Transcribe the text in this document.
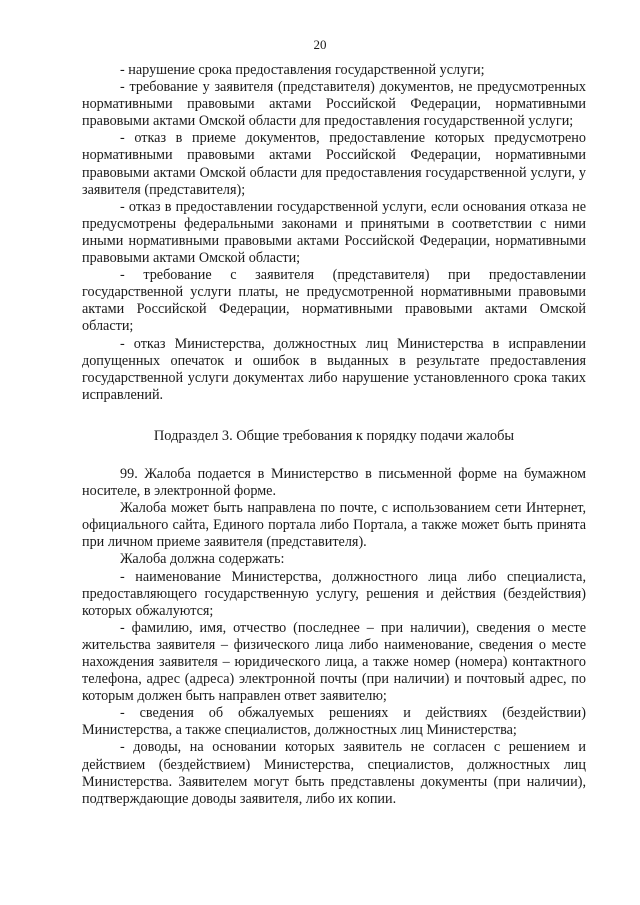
20

- нарушение срока предоставления государственной услуги;

- требование у заявителя (представителя) документов, не предусмотренных нормативными правовыми актами Российской Федерации, нормативными правовыми актами Омской области для предоставления государственной услуги;

- отказ в приеме документов, предоставление которых предусмотрено нормативными правовыми актами Российской Федерации, нормативными правовыми актами Омской области для предоставления государственной услуги, у заявителя (представителя);

- отказ в предоставлении государственной услуги, если основания отказа не предусмотрены федеральными законами и принятыми в соответствии с ними иными нормативными правовыми актами Российской Федерации, нормативными правовыми актами Омской области;

- требование с заявителя (представителя) при предоставлении государственной услуги платы, не предусмотренной нормативными правовыми актами Российской Федерации, нормативными правовыми актами Омской области;

- отказ Министерства, должностных лиц Министерства в исправлении допущенных опечаток и ошибок в выданных в результате предоставления государственной услуги документах либо нарушение установленного срока таких исправлений.

Подраздел 3. Общие требования к порядку подачи жалобы

99. Жалоба подается в Министерство в письменной форме на бумажном носителе, в электронной форме.

Жалоба может быть направлена по почте, с использованием сети Интернет, официального сайта, Единого портала либо Портала, а также может быть принята при личном приеме заявителя (представителя).

Жалоба должна содержать:

- наименование Министерства, должностного лица либо специалиста, предоставляющего государственную услугу, решения и действия (бездействия) которых обжалуются;

- фамилию, имя, отчество (последнее – при наличии), сведения о месте жительства заявителя – физического лица либо наименование, сведения о месте нахождения заявителя – юридического лица, а также номер (номера) контактного телефона, адрес (адреса) электронной почты (при наличии) и почтовый адрес, по которым должен быть направлен ответ заявителю;

- сведения об обжалуемых решениях и действиях (бездействии) Министерства, а также специалистов, должностных лиц Министерства;

- доводы, на основании которых заявитель не согласен с решением и действием (бездействием) Министерства, специалистов, должностных лиц Министерства. Заявителем могут быть представлены документы (при наличии), подтверждающие доводы заявителя, либо их копии.
